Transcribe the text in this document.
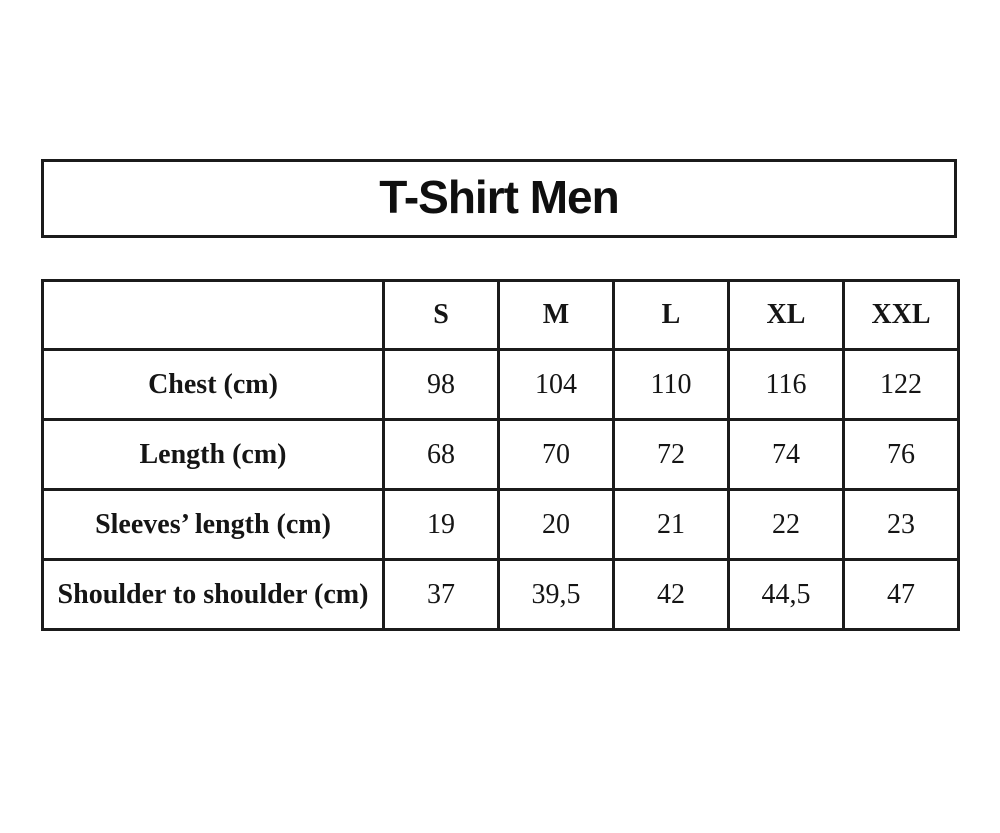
T-Shirt Men
	S	M	L	XL	XXL
Chest (cm)	98	104	110	116	122
Length (cm)	68	70	72	74	76
Sleeves’ length (cm)	19	20	21	22	23
Shoulder to shoulder (cm)	37	39,5	42	44,5	47
